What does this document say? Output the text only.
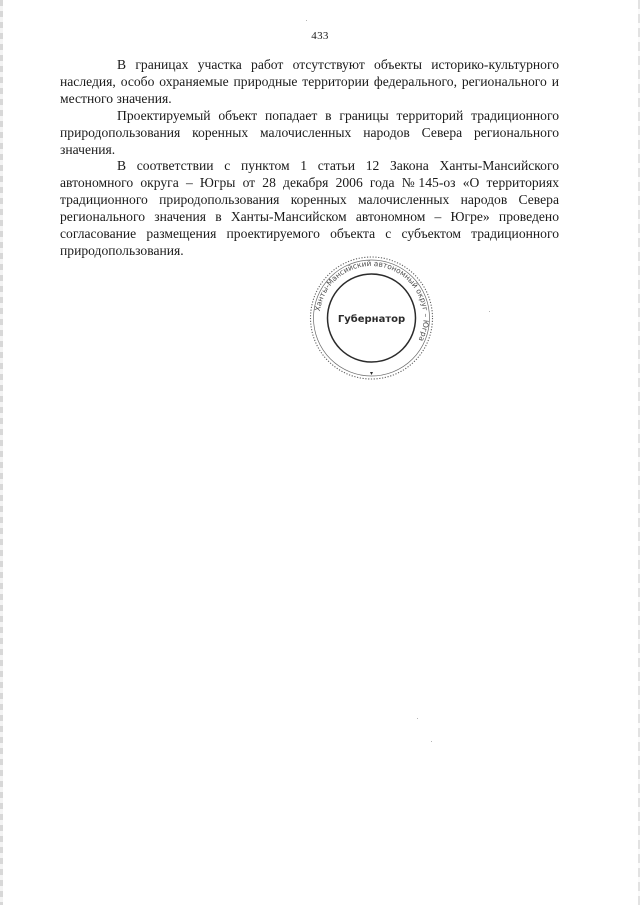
433

В границах участка работ отсутствуют объекты историко-культурного наследия, особо охраняемые природные территории федерального, регионального и местного значения.

Проектируемый объект попадает в границы территорий традиционного природопользования коренных малочисленных народов Севера регионального значения.

В соответствии с пунктом 1 статьи 12 Закона Ханты-Мансийского автономного округа – Югры от 28 декабря 2006 года №145-оз «О территориях традиционного природопользования коренных малочисленных народов Севера регионального значения в Ханты-Мансийском автономном – Югре» проведено согласование размещения проектируемого объекта с субъектом традиционного природопользования.

Ханты-Мансийский автономный округ – Югра
Губернатор
